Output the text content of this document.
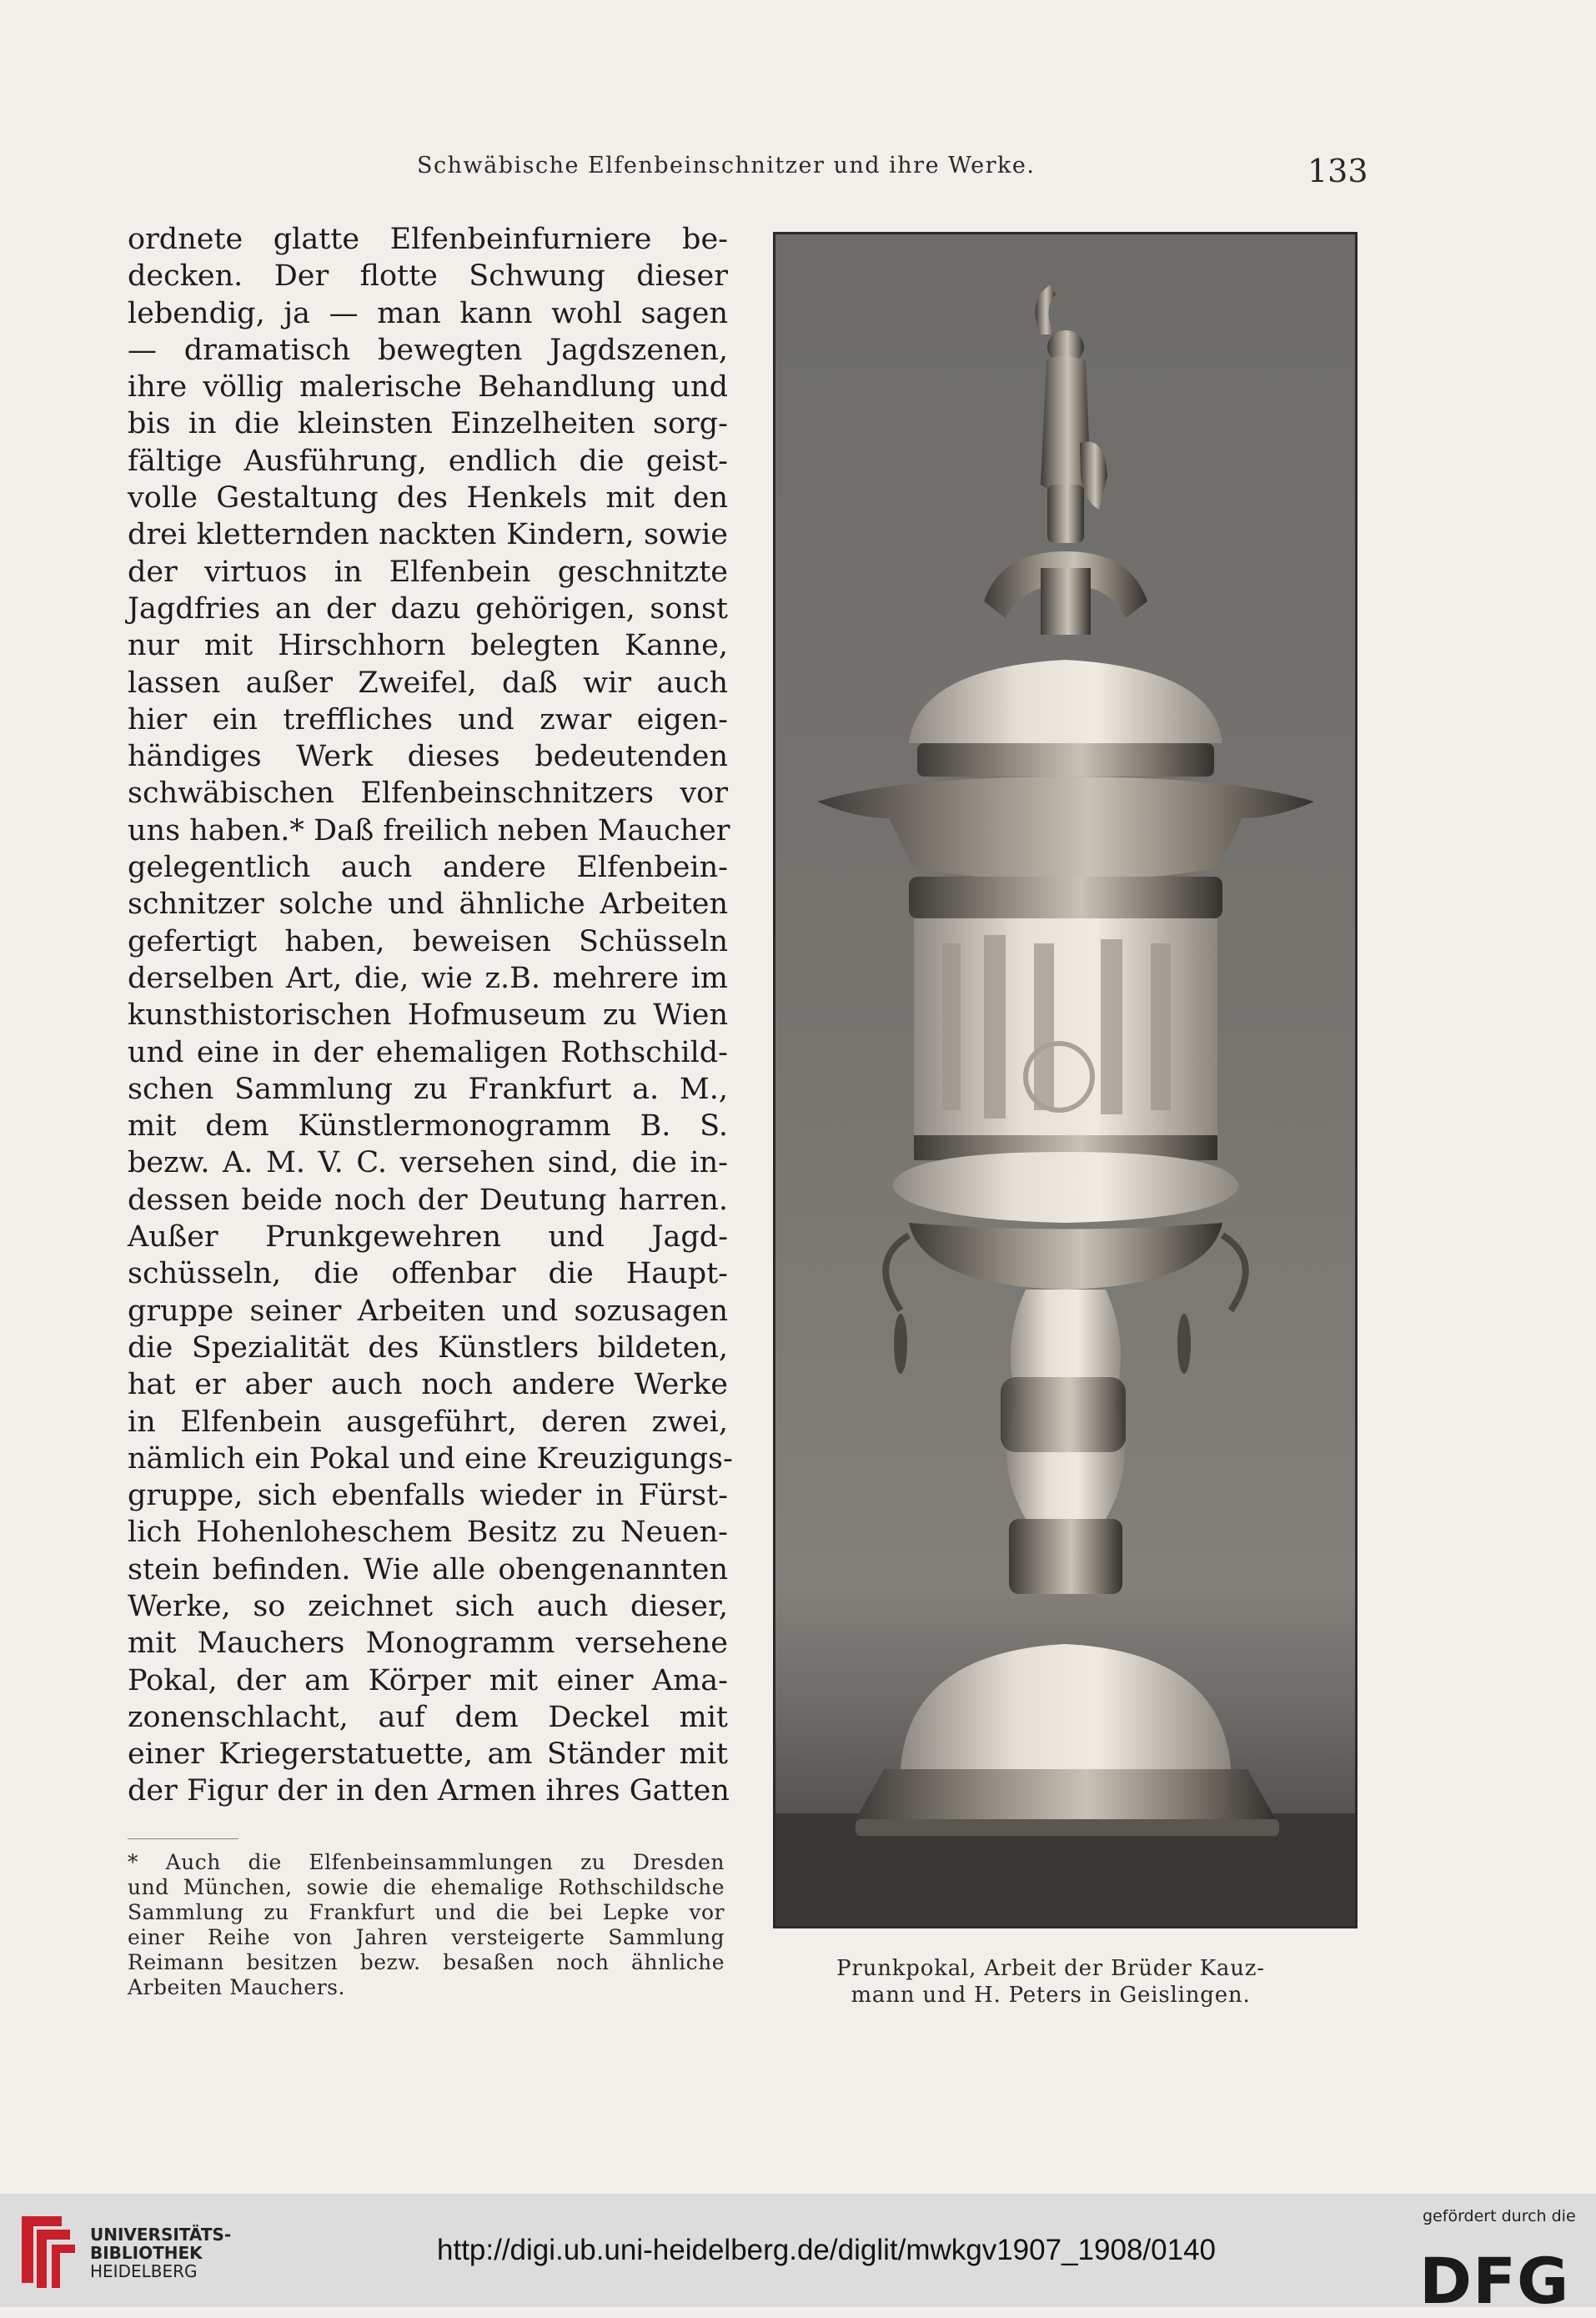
Schwäbische Elfenbeinschnitzer und ihre Werke.	133
ordnete glatte Elfenbeinfurniere be-
decken. Der flotte Schwung dieser
lebendig, ja — man kann wohl sagen
— dramatisch bewegten Jagdszenen,
ihre völlig malerische Behandlung und
bis in die kleinsten Einzelheiten sorg-
fältige Ausführung, endlich die geist-
volle Gestaltung des Henkels mit den
drei kletternden nackten Kindern, sowie
der virtuos in Elfenbein geschnitzte
Jagdfries an der dazu gehörigen, sonst
nur mit Hirschhorn belegten Kanne,
lassen außer Zweifel, daß wir auch
hier ein treffliches und zwar eigen-
händiges Werk dieses bedeutenden
schwäbischen Elfenbeinschnitzers vor
uns haben.* Daß freilich neben Maucher
gelegentlich auch andere Elfenbein-
schnitzer solche und ähnliche Arbeiten
gefertigt haben, beweisen Schüsseln
derselben Art, die, wie z.B. mehrere im
kunsthistorischen Hofmuseum zu Wien
und eine in der ehemaligen Rothschild-
schen Sammlung zu Frankfurt a. M.,
mit dem Künstlermonogramm B. S.
bezw. A. M. V. C. versehen sind, die in-
dessen beide noch der Deutung harren.
Außer Prunkgewehren und Jagd-
schüsseln, die offenbar die Haupt-
gruppe seiner Arbeiten und sozusagen
die Spezialität des Künstlers bildeten,
hat er aber auch noch andere Werke
in Elfenbein ausgeführt, deren zwei,
nämlich ein Pokal und eine Kreuzigungs-
gruppe, sich ebenfalls wieder in Fürst-
lich Hohenloheschem Besitz zu Neuen-
stein befinden. Wie alle obengenannten
Werke, so zeichnet sich auch dieser,
mit Mauchers Monogramm versehene
Pokal, der am Körper mit einer Ama-
zonenschlacht, auf dem Deckel mit
einer Kriegerstatuette, am Ständer mit
der Figur der in den Armen ihres Gatten
* Auch die Elfenbeinsammlungen zu Dresden
und München, sowie die ehemalige Rothschildsche
Sammlung zu Frankfurt und die bei Lepke vor
einer Reihe von Jahren versteigerte Sammlung
Reimann besitzen bezw. besaßen noch ähnliche
Arbeiten Mauchers.
Prunkpokal, Arbeit der Brüder Kauz-
mann und H. Peters in Geislingen.
UNIVERSITÄTS-
BIBLIOTHEK
HEIDELBERG
http://digi.ub.uni-heidelberg.de/diglit/mwkgv1907_1908/0140
gefördert durch die
DFG
